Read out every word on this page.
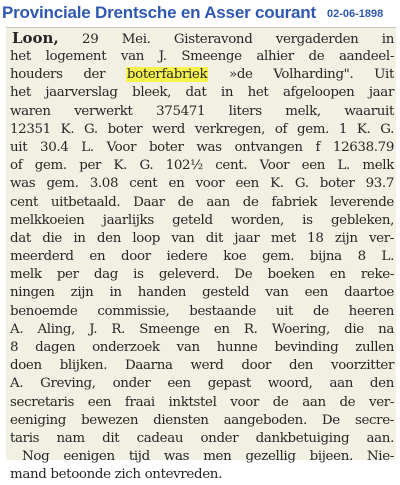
Provinciale Drentsche en Asser courant 02-06-1898
Loon, 29 Mei. Gisteravond vergaderden in
het logement van J. Smeenge alhier de aandeel-
houders der boterfabriek »de Volharding". Uit
het jaarverslag bleek, dat in het afgeloopen jaar
waren verwerkt 375471 liters melk, waaruit
12351 K. G. boter werd verkregen, of gem. 1 K. G.
uit 30.4 L. Voor boter was ontvangen f 12638.79
of gem. per K. G. 102½ cent. Voor een L. melk
was gem. 3.08 cent en voor een K. G. boter 93.7
cent uitbetaald. Daar de aan de fabriek leverende
melkkoeien jaarlijks geteld worden, is gebleken,
dat die in den loop van dit jaar met 18 zijn ver-
meerderd en door iedere koe gem. bijna 8 L.
melk per dag is geleverd. De boeken en reke-
ningen zijn in handen gesteld van een daartoe
benoemde commissie, bestaande uit de heeren
A. Aling, J. R. Smeenge en R. Woering, die na
8 dagen onderzoek van hunne bevinding zullen
doen blijken. Daarna werd door den voorzitter
A. Greving, onder een gepast woord, aan den
secretaris een fraai inktstel voor de aan de ver-
eeniging bewezen diensten aangeboden. De secre-
taris nam dit cadeau onder dankbetuiging aan.
Nog eenigen tijd was men gezellig bijeen. Nie-
mand betoonde zich ontevreden.
